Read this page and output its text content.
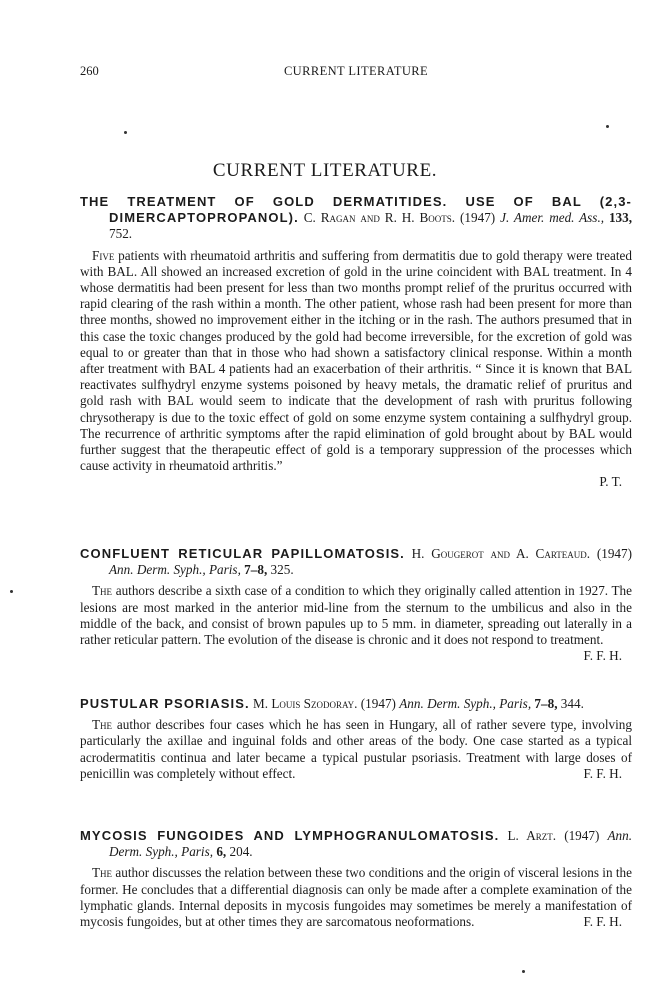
260	CURRENT LITERATURE
CURRENT LITERATURE.
THE TREATMENT OF GOLD DERMATITIDES. USE OF BAL (2,3-DIMERCAPTOPROPANOL). C. Ragan and R. H. Boots. (1947) J. Amer. med. Ass., 133, 752.
Five patients with rheumatoid arthritis and suffering from dermatitis due to gold therapy were treated with BAL. All showed an increased excretion of gold in the urine coincident with BAL treatment. In 4 whose dermatitis had been present for less than two months prompt relief of the pruritus occurred with rapid clearing of the rash within a month. The other patient, whose rash had been present for more than three months, showed no improvement either in the itching or in the rash. The authors presumed that in this case the toxic changes produced by the gold had become irreversible, for the excretion of gold was equal to or greater than that in those who had shown a satisfactory clinical response. Within a month after treatment with BAL 4 patients had an exacerbation of their arthritis. “ Since it is known that BAL reactivates sulfhydryl enzyme systems poisoned by heavy metals, the dramatic relief of pruritus and gold rash with BAL would seem to indicate that the development of rash with pruritus following chrysotherapy is due to the toxic effect of gold on some enzyme system containing a sulfhydryl group. The recurrence of arthritic symptoms after the rapid elimination of gold brought about by BAL would further suggest that the therapeutic effect of gold is a temporary suppression of the processes which cause activity in rheumatoid arthritis.”
P. T.
CONFLUENT RETICULAR PAPILLOMATOSIS. H. Gougerot and A. Carteaud. (1947) Ann. Derm. Syph., Paris, 7–8, 325.
The authors describe a sixth case of a condition to which they originally called attention in 1927. The lesions are most marked in the anterior mid-line from the sternum to the umbilicus and also in the middle of the back, and consist of brown papules up to 5 mm. in diameter, spreading out laterally in a rather reticular pattern. The evolution of the disease is chronic and it does not respond to treatment.
F. F. H.
PUSTULAR PSORIASIS. M. Louis Szodoray. (1947) Ann. Derm. Syph., Paris, 7–8, 344.
The author describes four cases which he has seen in Hungary, all of rather severe type, involving particularly the axillae and inguinal folds and other areas of the body. One case started as a typical acrodermatitis continua and later became a typical pustular psoriasis. Treatment with large doses of penicillin was completely without effect.	F. F. H.
MYCOSIS FUNGOIDES AND LYMPHOGRANULOMATOSIS. L. Arzt. (1947) Ann. Derm. Syph., Paris, 6, 204.
The author discusses the relation between these two conditions and the origin of visceral lesions in the former. He concludes that a differential diagnosis can only be made after a complete examination of the lymphatic glands. Internal deposits in mycosis fungoides may sometimes be merely a manifestation of mycosis fungoides, but at other times they are sarcomatous neoformations.	F. F. H.
